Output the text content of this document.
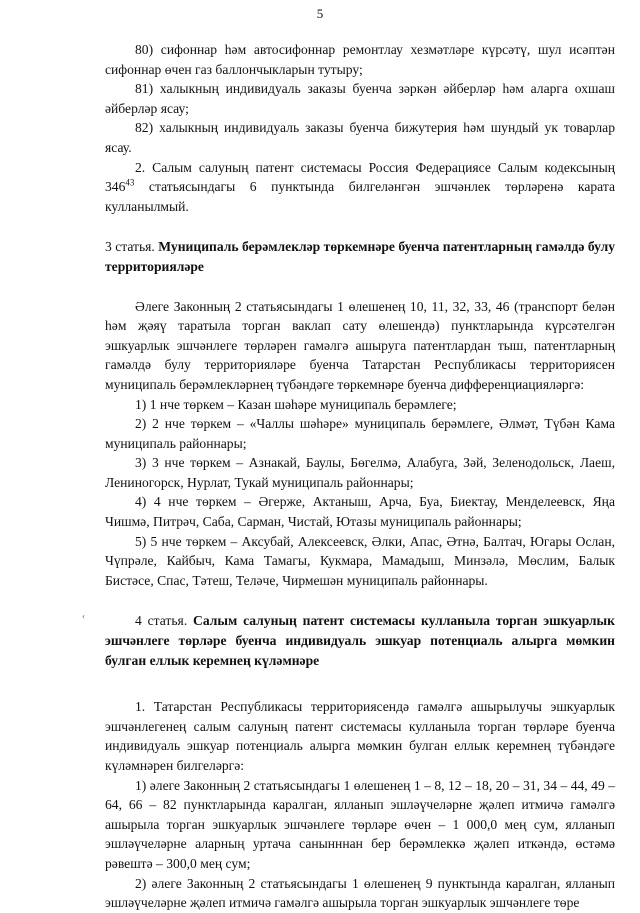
5
‹

80) сифоннар һәм автосифоннар ремонтлау хезмәтләре күрсәтү, шул исәптән сифоннар өчен газ баллончыкларын тутыру;

81) халыкның индивидуаль заказы буенча зәркән әйберләр һәм аларга охшаш әйберләр ясау;

82) халыкның индивидуаль заказы буенча бижутерия һәм шундый ук товарлар ясау.

2. Салым салуның патент системасы Россия Федерациясе Салым кодексының $346^{43}$ статьясындагы 6 пунктында билгеләнгән эшчәнлек төрләренә карата кулланылмый.

3 статья. Муниципаль берәмлекләр төркемнәре буенча патентларның гамәлдә булу территорияләре

Әлеге Законның 2 статьясындагы 1 өлешенең 10, 11, 32, 33, 46 (транспорт белән һәм җәяү таратыла торган ваклап сату өлешендә) пунктларында күрсәтелгән эшкуарлык эшчәнлеге төрләрен гамәлгә ашыруга патентлардан тыш, патентларның гамәлдә булу территорияләре буенча Татарстан Республикасы территориясен муниципаль берәмлекләрнең түбәндәге төркемнәре буенча дифференциацияләргә:

1) 1 нче төркем – Казан шәһәре муниципаль берәмлеге;

2) 2 нче төркем – «Чаллы шәһәре» муниципаль берәмлеге, Әлмәт, Түбән Кама муниципаль районнары;

3) 3 нче төркем – Азнакай, Баулы, Бөгелмә, Алабуга, Зәй, Зеленодольск, Лаеш, Лениногорск, Нурлат, Тукай муниципаль районнары;

4) 4 нче төркем – Әгерже, Актаныш, Арча, Буа, Биектау, Менделеевск, Яңа Чишмә, Питрәч, Саба, Сарман, Чистай, Ютазы муниципаль районнары;

5) 5 нче төркем – Аксубай, Алексеевск, Әлки, Апас, Әтнә, Балтач, Югары Ослан, Чүпрәле, Кайбыч, Кама Тамагы, Кукмара, Мамадыш, Минзәлә, Мөслим, Балык Бистәсе, Спас, Тәтеш, Теләче, Чирмешән муниципаль районнары.

4 статья. Салым салуның патент системасы кулланыла торган эшкуарлык эшчәнлеге төрләре буенча индивидуаль эшкуар потенциаль алырга мөмкин булган еллык керемнең күләмнәре

1. Татарстан Республикасы территориясендә гамәлгә ашырылучы эшкуарлык эшчәнлегенең салым салуның патент системасы кулланыла торган төрләре буенча индивидуаль эшкуар потенциаль алырга мөмкин булган еллык керемнең түбәндәге күләмнәрен билгеләргә:

1) әлеге Законның 2 статьясындагы 1 өлешенең 1 – 8, 12 – 18, 20 – 31, 34 – 44, 49 – 64, 66 – 82 пунктларында каралган, ялланып эшләүчеләрне җәлеп итмичә гамәлгә ашырыла торган эшкуарлык эшчәнлеге төрләре өчен – 1 000,0 мең сум, ялланып эшләүчеләрне аларның уртача санынннан бер берәмлеккә җәлеп иткәндә, өстәмә рәвештә – 300,0 мең сум;

2) әлеге Законның 2 статьясындагы 1 өлешенең 9 пунктында каралган, ялланып эшләүчеләрне җәлеп итмичә гамәлгә ашырыла торган эшкуарлык эшчәнлеге төре
